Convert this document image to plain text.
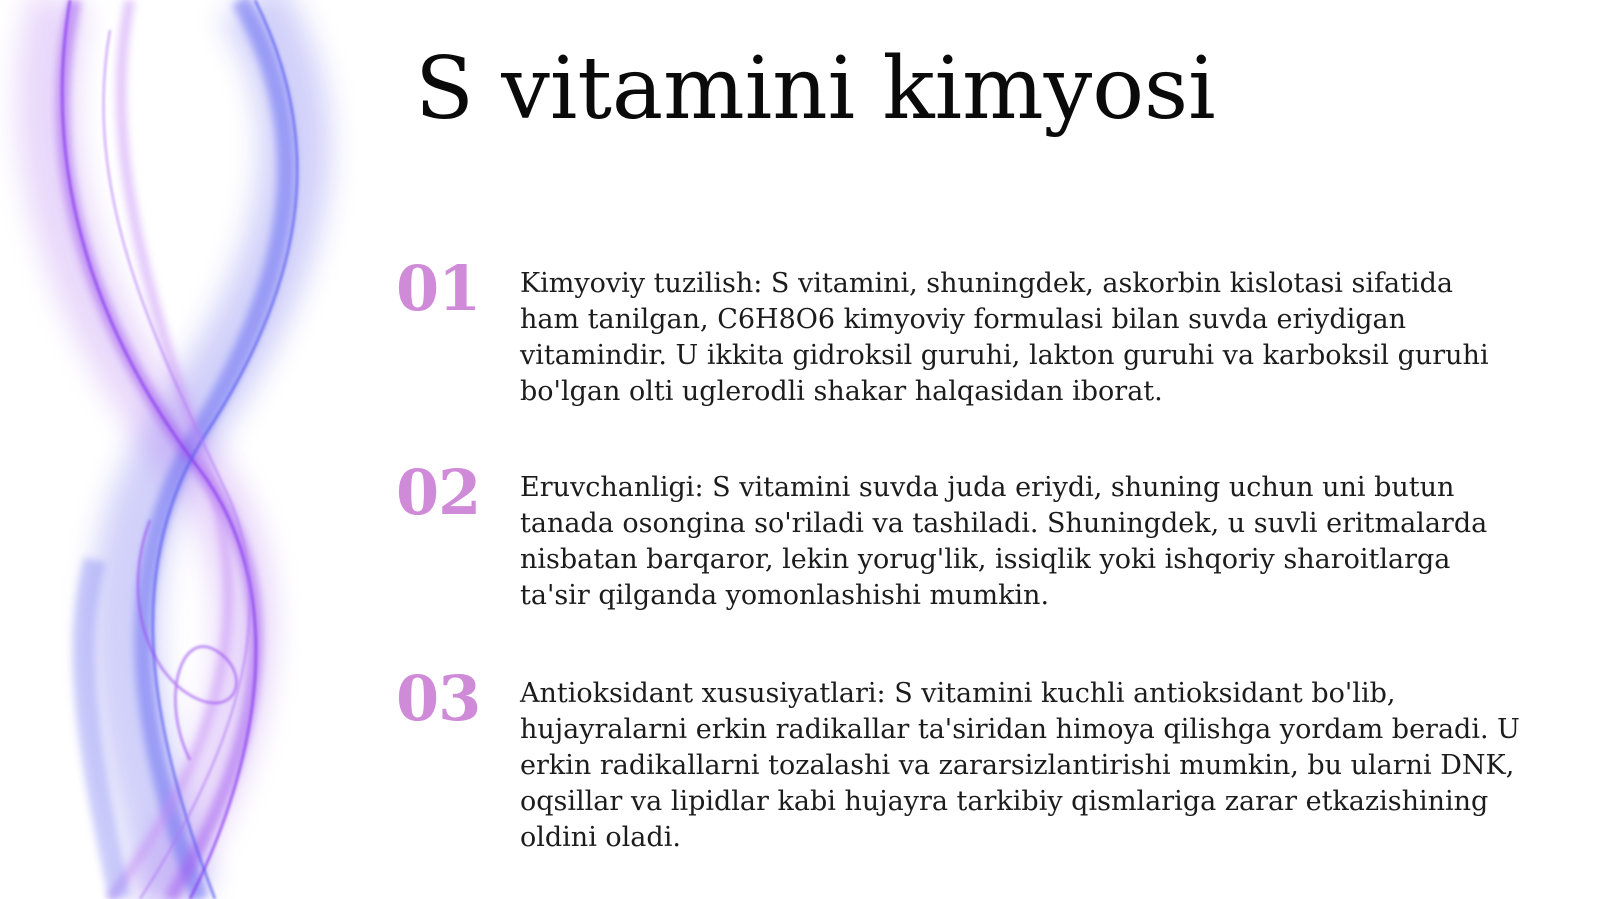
S vitamini kimyosi
01 Kimyoviy tuzilish: S vitamini, shuningdek, askorbin kislotasi sifatida ham tanilgan, C6H8O6 kimyoviy formulasi bilan suvda eriydigan vitamindir. U ikkita gidroksil guruhi, lakton guruhi va karboksil guruhi bo'lgan olti uglerodli shakar halqasidan iborat.

02 Eruvchanligi: S vitamini suvda juda eriydi, shuning uchun uni butun tanada osongina so'riladi va tashiladi. Shuningdek, u suvli eritmalarda nisbatan barqaror, lekin yorug'lik, issiqlik yoki ishqoriy sharoitlarga ta'sir qilganda yomonlashishi mumkin.

03 Antioksidant xususiyatlari: S vitamini kuchli antioksidant bo'lib, hujayralarni erkin radikallar ta'siridan himoya qilishga yordam beradi. U erkin radikallarni tozalashi va zararsizlantirishi mumkin, bu ularni DNK, oqsillar va lipidlar kabi hujayra tarkibiy qismlariga zarar etkazishining oldini oladi.
